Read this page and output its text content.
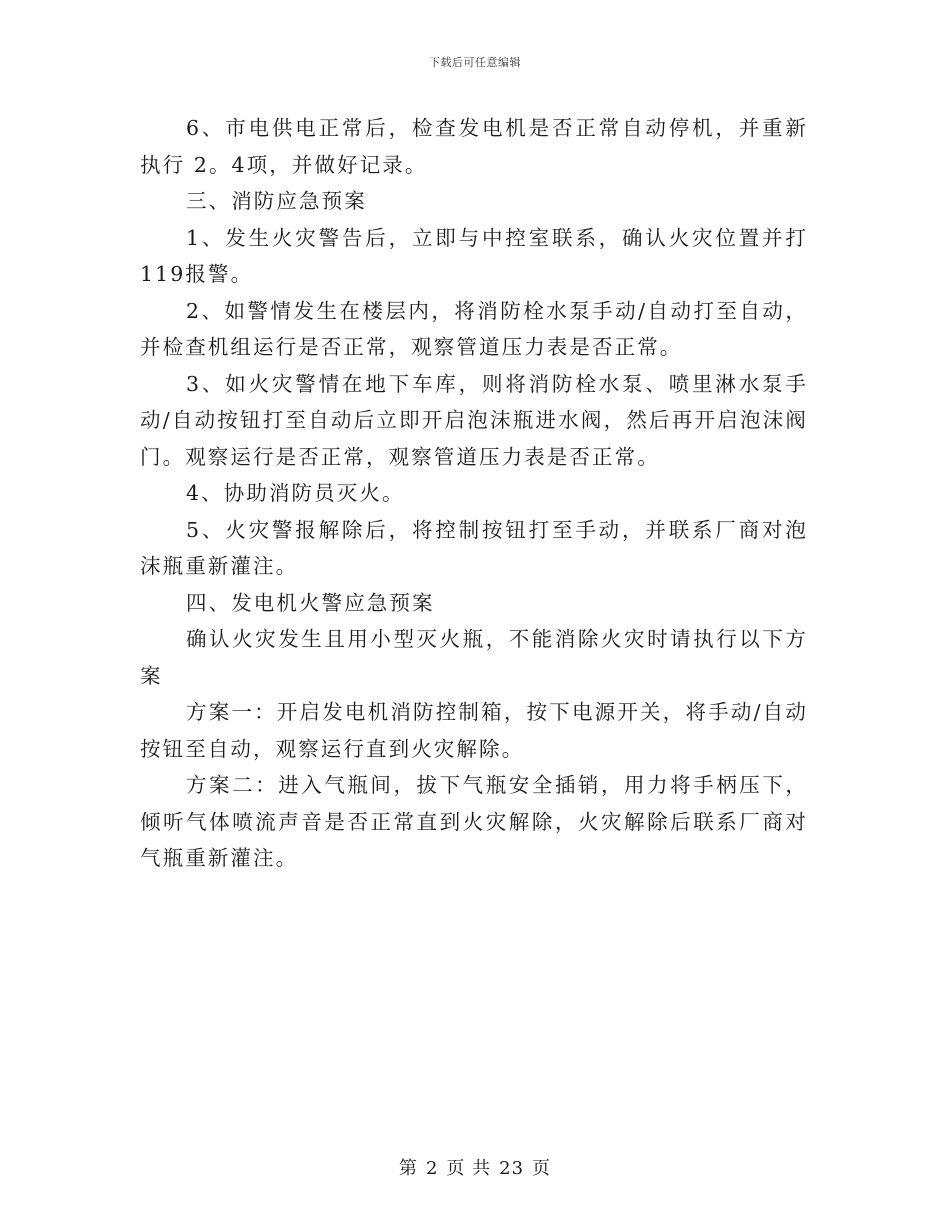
下载后可任意编辑

6、市电供电正常后，检查发电机是否正常自动停机，并重新执行 2。4项，并做好记录。

三、消防应急预案

1、发生火灾警告后，立即与中控室联系，确认火灾位置并打 119报警。

2、如警情发生在楼层内，将消防栓水泵手动/自动打至自动，并检查机组运行是否正常，观察管道压力表是否正常。

3、如火灾警情在地下车库，则将消防栓水泵、喷里淋水泵手动/自动按钮打至自动后立即开启泡沫瓶进水阀，然后再开启泡沫阀门。观察运行是否正常，观察管道压力表是否正常。

4、协助消防员灭火。

5、火灾警报解除后，将控制按钮打至手动，并联系厂商对泡沫瓶重新灌注。

四、发电机火警应急预案

确认火灾发生且用小型灭火瓶，不能消除火灾时请执行以下方案

方案一：开启发电机消防控制箱，按下电源开关，将手动/自动按钮至自动，观察运行直到火灾解除。

方案二：进入气瓶间，拔下气瓶安全插销，用力将手柄压下，倾听气体喷流声音是否正常直到火灾解除，火灾解除后联系厂商对气瓶重新灌注。

第 2 页 共 23 页
